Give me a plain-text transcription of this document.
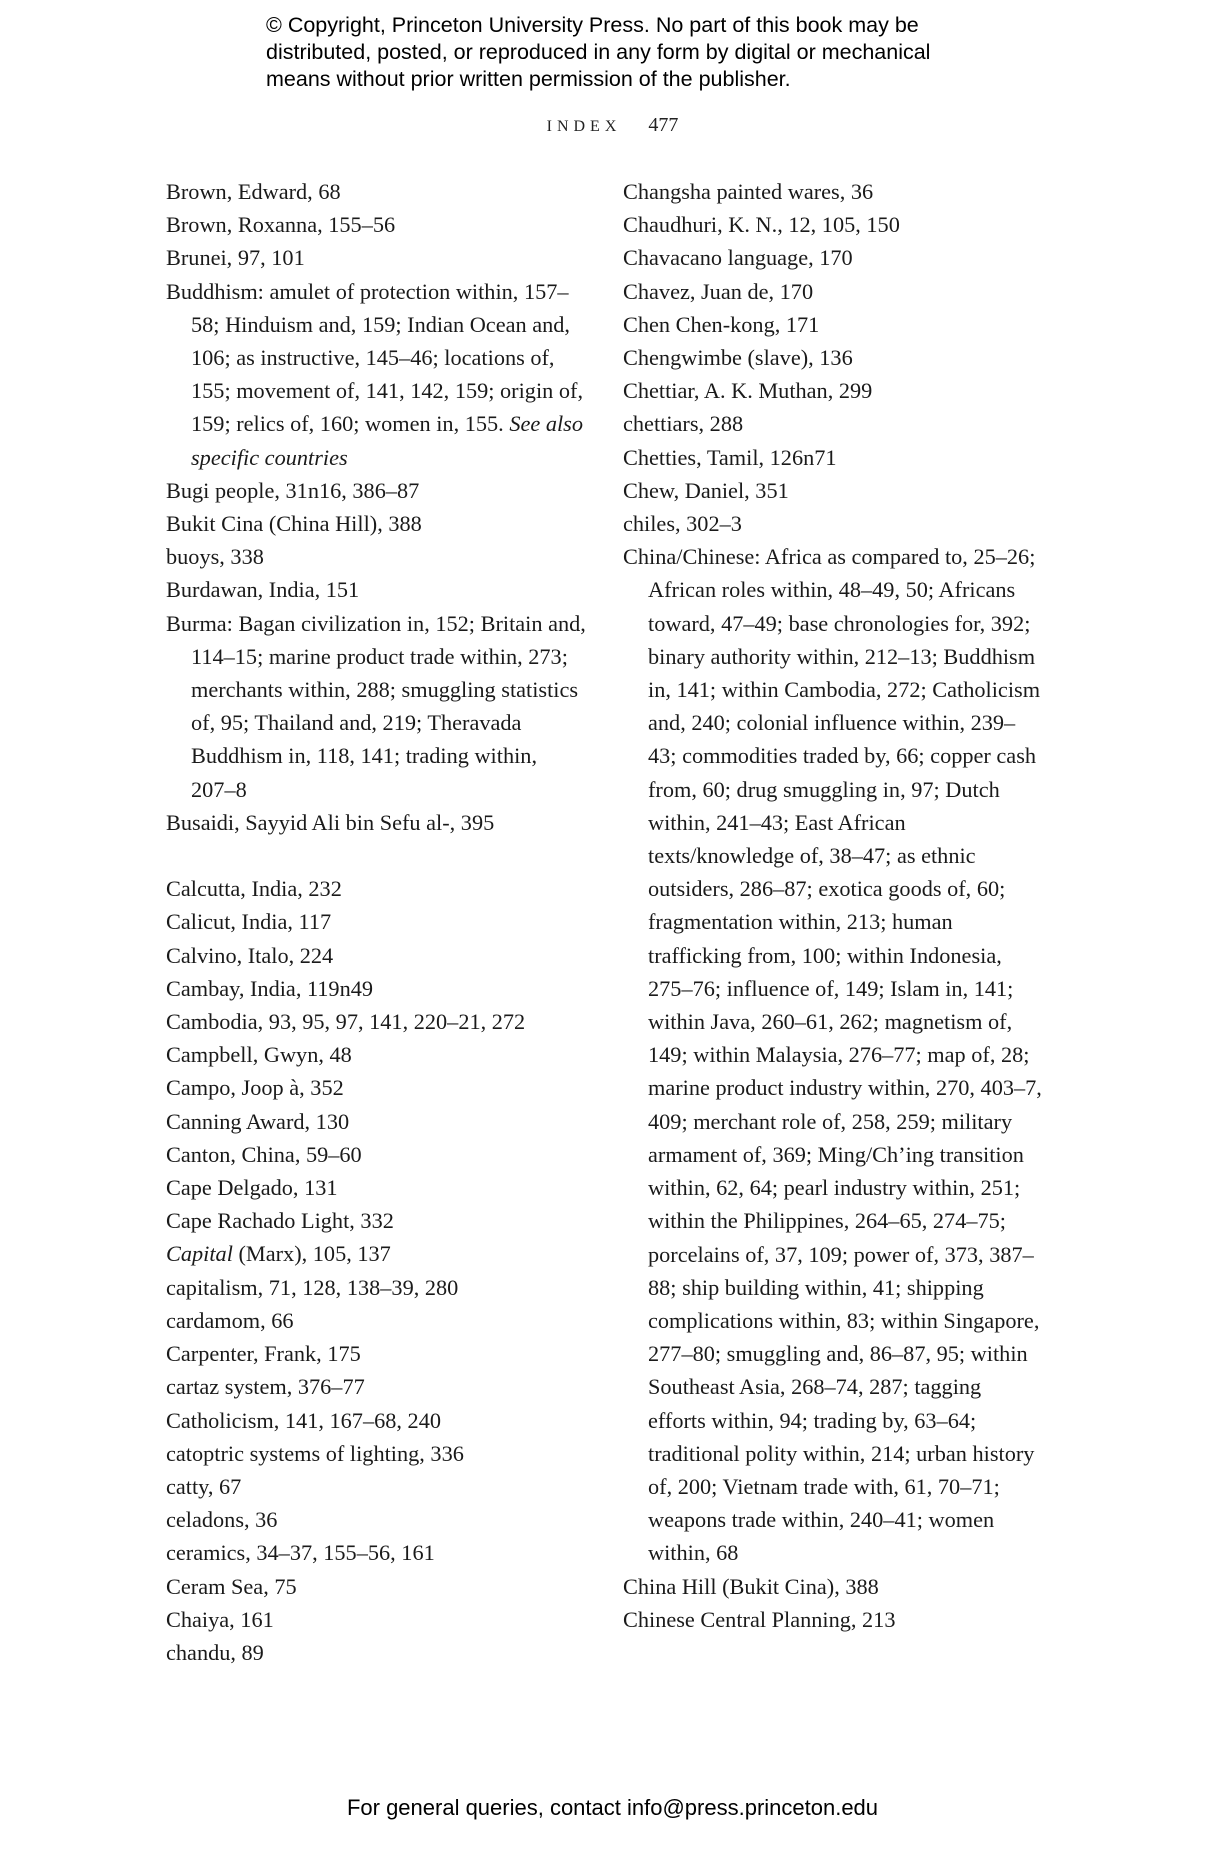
© Copyright, Princeton University Press. No part of this book may be
distributed, posted, or reproduced in any form by digital or mechanical
means without prior written permission of the publisher.
INDEX 477
Brown, Edward, 68
Brown, Roxanna, 155–56
Brunei, 97, 101
Buddhism: amulet of protection within, 157–58; Hinduism and, 159; Indian Ocean and, 106; as instructive, 145–46; locations of, 155; movement of, 141, 142, 159; origin of, 159; relics of, 160; women in, 155. See also specific countries
Bugi people, 31n16, 386–87
Bukit Cina (China Hill), 388
buoys, 338
Burdawan, India, 151
Burma: Bagan civilization in, 152; Britain and, 114–15; marine product trade within, 273; merchants within, 288; smuggling statistics of, 95; Thailand and, 219; Theravada Buddhism in, 118, 141; trading within, 207–8
Busaidi, Sayyid Ali bin Sefu al-, 395
Calcutta, India, 232
Calicut, India, 117
Calvino, Italo, 224
Cambay, India, 119n49
Cambodia, 93, 95, 97, 141, 220–21, 272
Campbell, Gwyn, 48
Campo, Joop à, 352
Canning Award, 130
Canton, China, 59–60
Cape Delgado, 131
Cape Rachado Light, 332
Capital (Marx), 105, 137
capitalism, 71, 128, 138–39, 280
cardamom, 66
Carpenter, Frank, 175
cartaz system, 376–77
Catholicism, 141, 167–68, 240
catoptric systems of lighting, 336
catty, 67
celadons, 36
ceramics, 34–37, 155–56, 161
Ceram Sea, 75
Chaiya, 161
chandu, 89
Changsha painted wares, 36
Chaudhuri, K. N., 12, 105, 150
Chavacano language, 170
Chavez, Juan de, 170
Chen Chen-kong, 171
Chengwimbe (slave), 136
Chettiar, A. K. Muthan, 299
chettiars, 288
Chetties, Tamil, 126n71
Chew, Daniel, 351
chiles, 302–3
China/Chinese: Africa as compared to, 25–26; African roles within, 48–49, 50; Africans toward, 47–49; base chronologies for, 392; binary authority within, 212–13; Buddhism in, 141; within Cambodia, 272; Catholicism and, 240; colonial influence within, 239–43; commodities traded by, 66; copper cash from, 60; drug smuggling in, 97; Dutch within, 241–43; East African texts/knowledge of, 38–47; as ethnic outsiders, 286–87; exotica goods of, 60; fragmentation within, 213; human trafficking from, 100; within Indonesia, 275–76; influence of, 149; Islam in, 141; within Java, 260–61, 262; magnetism of, 149; within Malaysia, 276–77; map of, 28; marine product industry within, 270, 403–7, 409; merchant role of, 258, 259; military armament of, 369; Ming/Ch’ing transition within, 62, 64; pearl industry within, 251; within the Philippines, 264–65, 274–75; porcelains of, 37, 109; power of, 373, 387–88; ship building within, 41; shipping complications within, 83; within Singapore, 277–80; smuggling and, 86–87, 95; within Southeast Asia, 268–74, 287; tagging efforts within, 94; trading by, 63–64; traditional polity within, 214; urban history of, 200; Vietnam trade with, 61, 70–71; weapons trade within, 240–41; women within, 68
China Hill (Bukit Cina), 388
Chinese Central Planning, 213
For general queries, contact info@press.princeton.edu
